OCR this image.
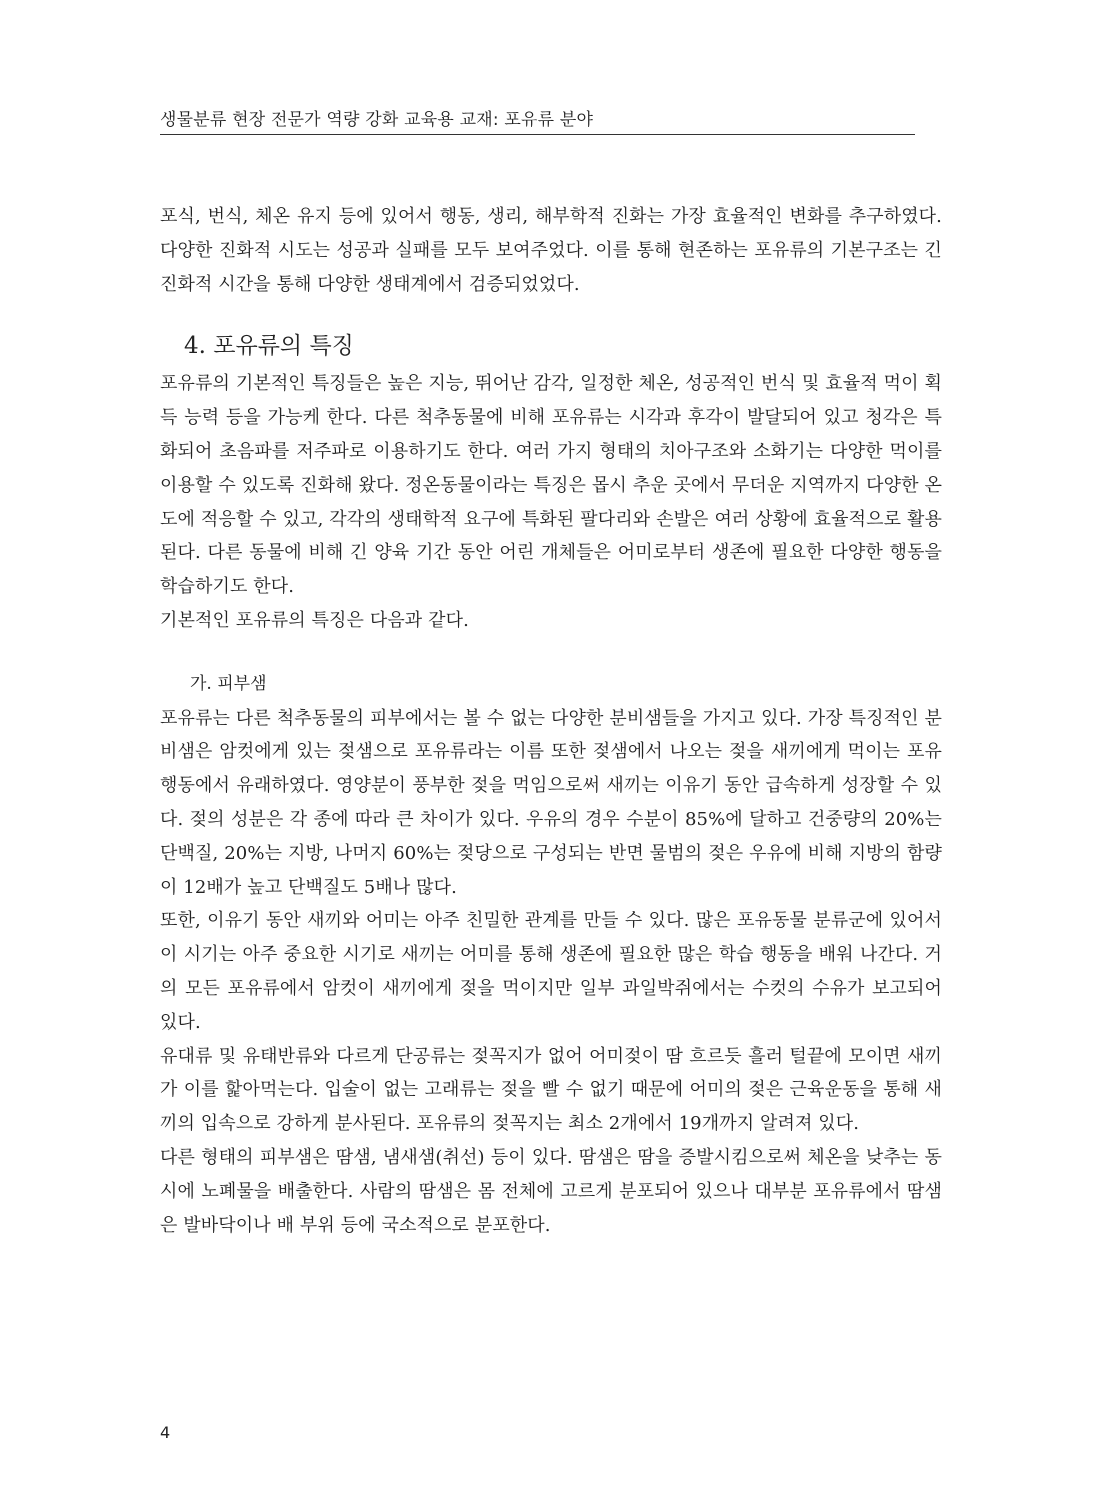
생물분류 현장 전문가 역량 강화 교육용 교재: 포유류 분야

포식, 번식, 체온 유지 등에 있어서 행동, 생리, 해부학적 진화는 가장 효율적인 변화를 추구하였다. 다양한 진화적 시도는 성공과 실패를 모두 보여주었다. 이를 통해 현존하는 포유류의 기본구조는 긴 진화적 시간을 통해 다양한 생태계에서 검증되었었다.

4. 포유류의 특징

포유류의 기본적인 특징들은 높은 지능, 뛰어난 감각, 일정한 체온, 성공적인 번식 및 효율적 먹이 획득 능력 등을 가능케 한다. 다른 척추동물에 비해 포유류는 시각과 후각이 발달되어 있고 청각은 특화되어 초음파를 저주파로 이용하기도 한다. 여러 가지 형태의 치아구조와 소화기는 다양한 먹이를 이용할 수 있도록 진화해 왔다. 정온동물이라는 특징은 몹시 추운 곳에서 무더운 지역까지 다양한 온도에 적응할 수 있고, 각각의 생태학적 요구에 특화된 팔다리와 손발은 여러 상황에 효율적으로 활용된다. 다른 동물에 비해 긴 양육 기간 동안 어린 개체들은 어미로부터 생존에 필요한 다양한 행동을 학습하기도 한다.

기본적인 포유류의 특징은 다음과 같다.

가. 피부샘

포유류는 다른 척추동물의 피부에서는 볼 수 없는 다양한 분비샘들을 가지고 있다. 가장 특징적인 분비샘은 암컷에게 있는 젖샘으로 포유류라는 이름 또한 젖샘에서 나오는 젖을 새끼에게 먹이는 포유행동에서 유래하였다. 영양분이 풍부한 젖을 먹임으로써 새끼는 이유기 동안 급속하게 성장할 수 있다. 젖의 성분은 각 종에 따라 큰 차이가 있다. 우유의 경우 수분이 85%에 달하고 건중량의 20%는 단백질, 20%는 지방, 나머지 60%는 젖당으로 구성되는 반면 물범의 젖은 우유에 비해 지방의 함량이 12배가 높고 단백질도 5배나 많다.

또한, 이유기 동안 새끼와 어미는 아주 친밀한 관계를 만들 수 있다. 많은 포유동물 분류군에 있어서 이 시기는 아주 중요한 시기로 새끼는 어미를 통해 생존에 필요한 많은 학습 행동을 배워 나간다. 거의 모든 포유류에서 암컷이 새끼에게 젖을 먹이지만 일부 과일박쥐에서는 수컷의 수유가 보고되어 있다.

유대류 및 유태반류와 다르게 단공류는 젖꼭지가 없어 어미젖이 땀 흐르듯 흘러 털끝에 모이면 새끼가 이를 핥아먹는다. 입술이 없는 고래류는 젖을 빨 수 없기 때문에 어미의 젖은 근육운동을 통해 새끼의 입속으로 강하게 분사된다. 포유류의 젖꼭지는 최소 2개에서 19개까지 알려져 있다.

다른 형태의 피부샘은 땀샘, 냄새샘(취선) 등이 있다. 땀샘은 땀을 증발시킴으로써 체온을 낮추는 동시에 노폐물을 배출한다. 사람의 땀샘은 몸 전체에 고르게 분포되어 있으나 대부분 포유류에서 땀샘은 발바닥이나 배 부위 등에 국소적으로 분포한다.

4
